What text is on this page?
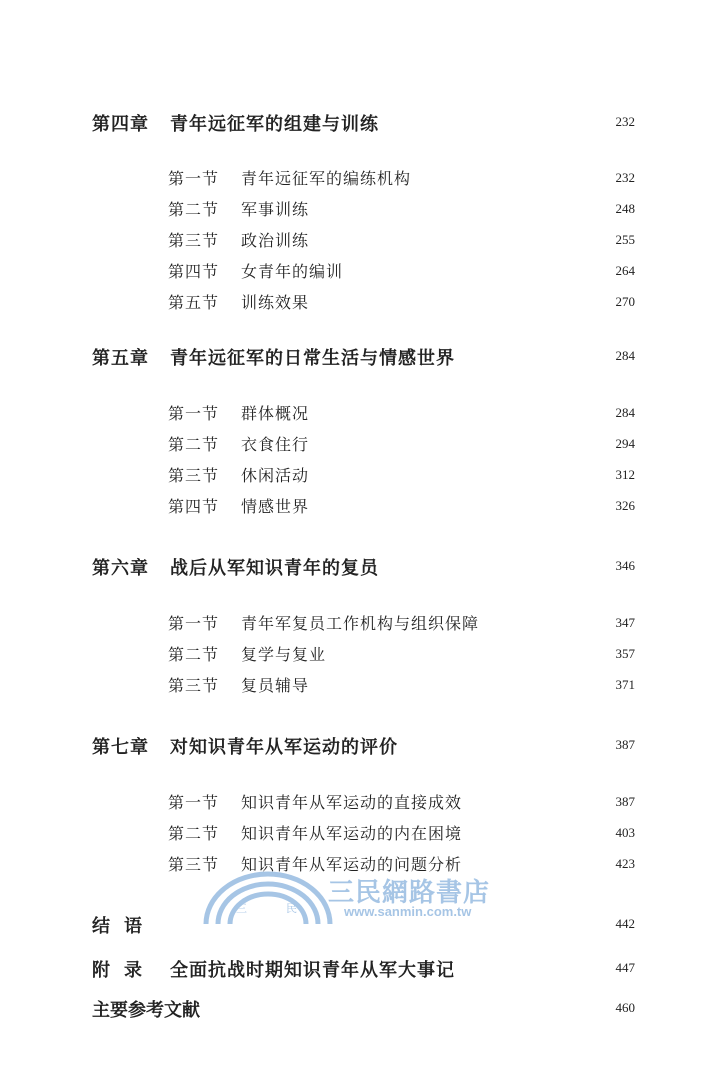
第四章 青年远征军的组建与训练	232
第一节 青年远征军的编练机构	232
第二节 军事训练	248
第三节 政治训练	255
第四节 女青年的编训	264
第五节 训练效果	270
第五章 青年远征军的日常生活与情感世界	284
第一节 群体概况	284
第二节 衣食住行	294
第三节 休闲活动	312
第四节 情感世界	326
第六章 战后从军知识青年的复员	346
第一节 青年军复员工作机构与组织保障	347
第二节 复学与复业	357
第三节 复员辅导	371
第七章 对知识青年从军运动的评价	387
第一节 知识青年从军运动的直接成效	387
第二节 知识青年从军运动的内在困境	403
第三节 知识青年从军运动的问题分析	423
三	民
三民網路書店
www.sanmin.com.tw
结语	442
附录 全面抗战时期知识青年从军大事记	447
主要参考文献	460
